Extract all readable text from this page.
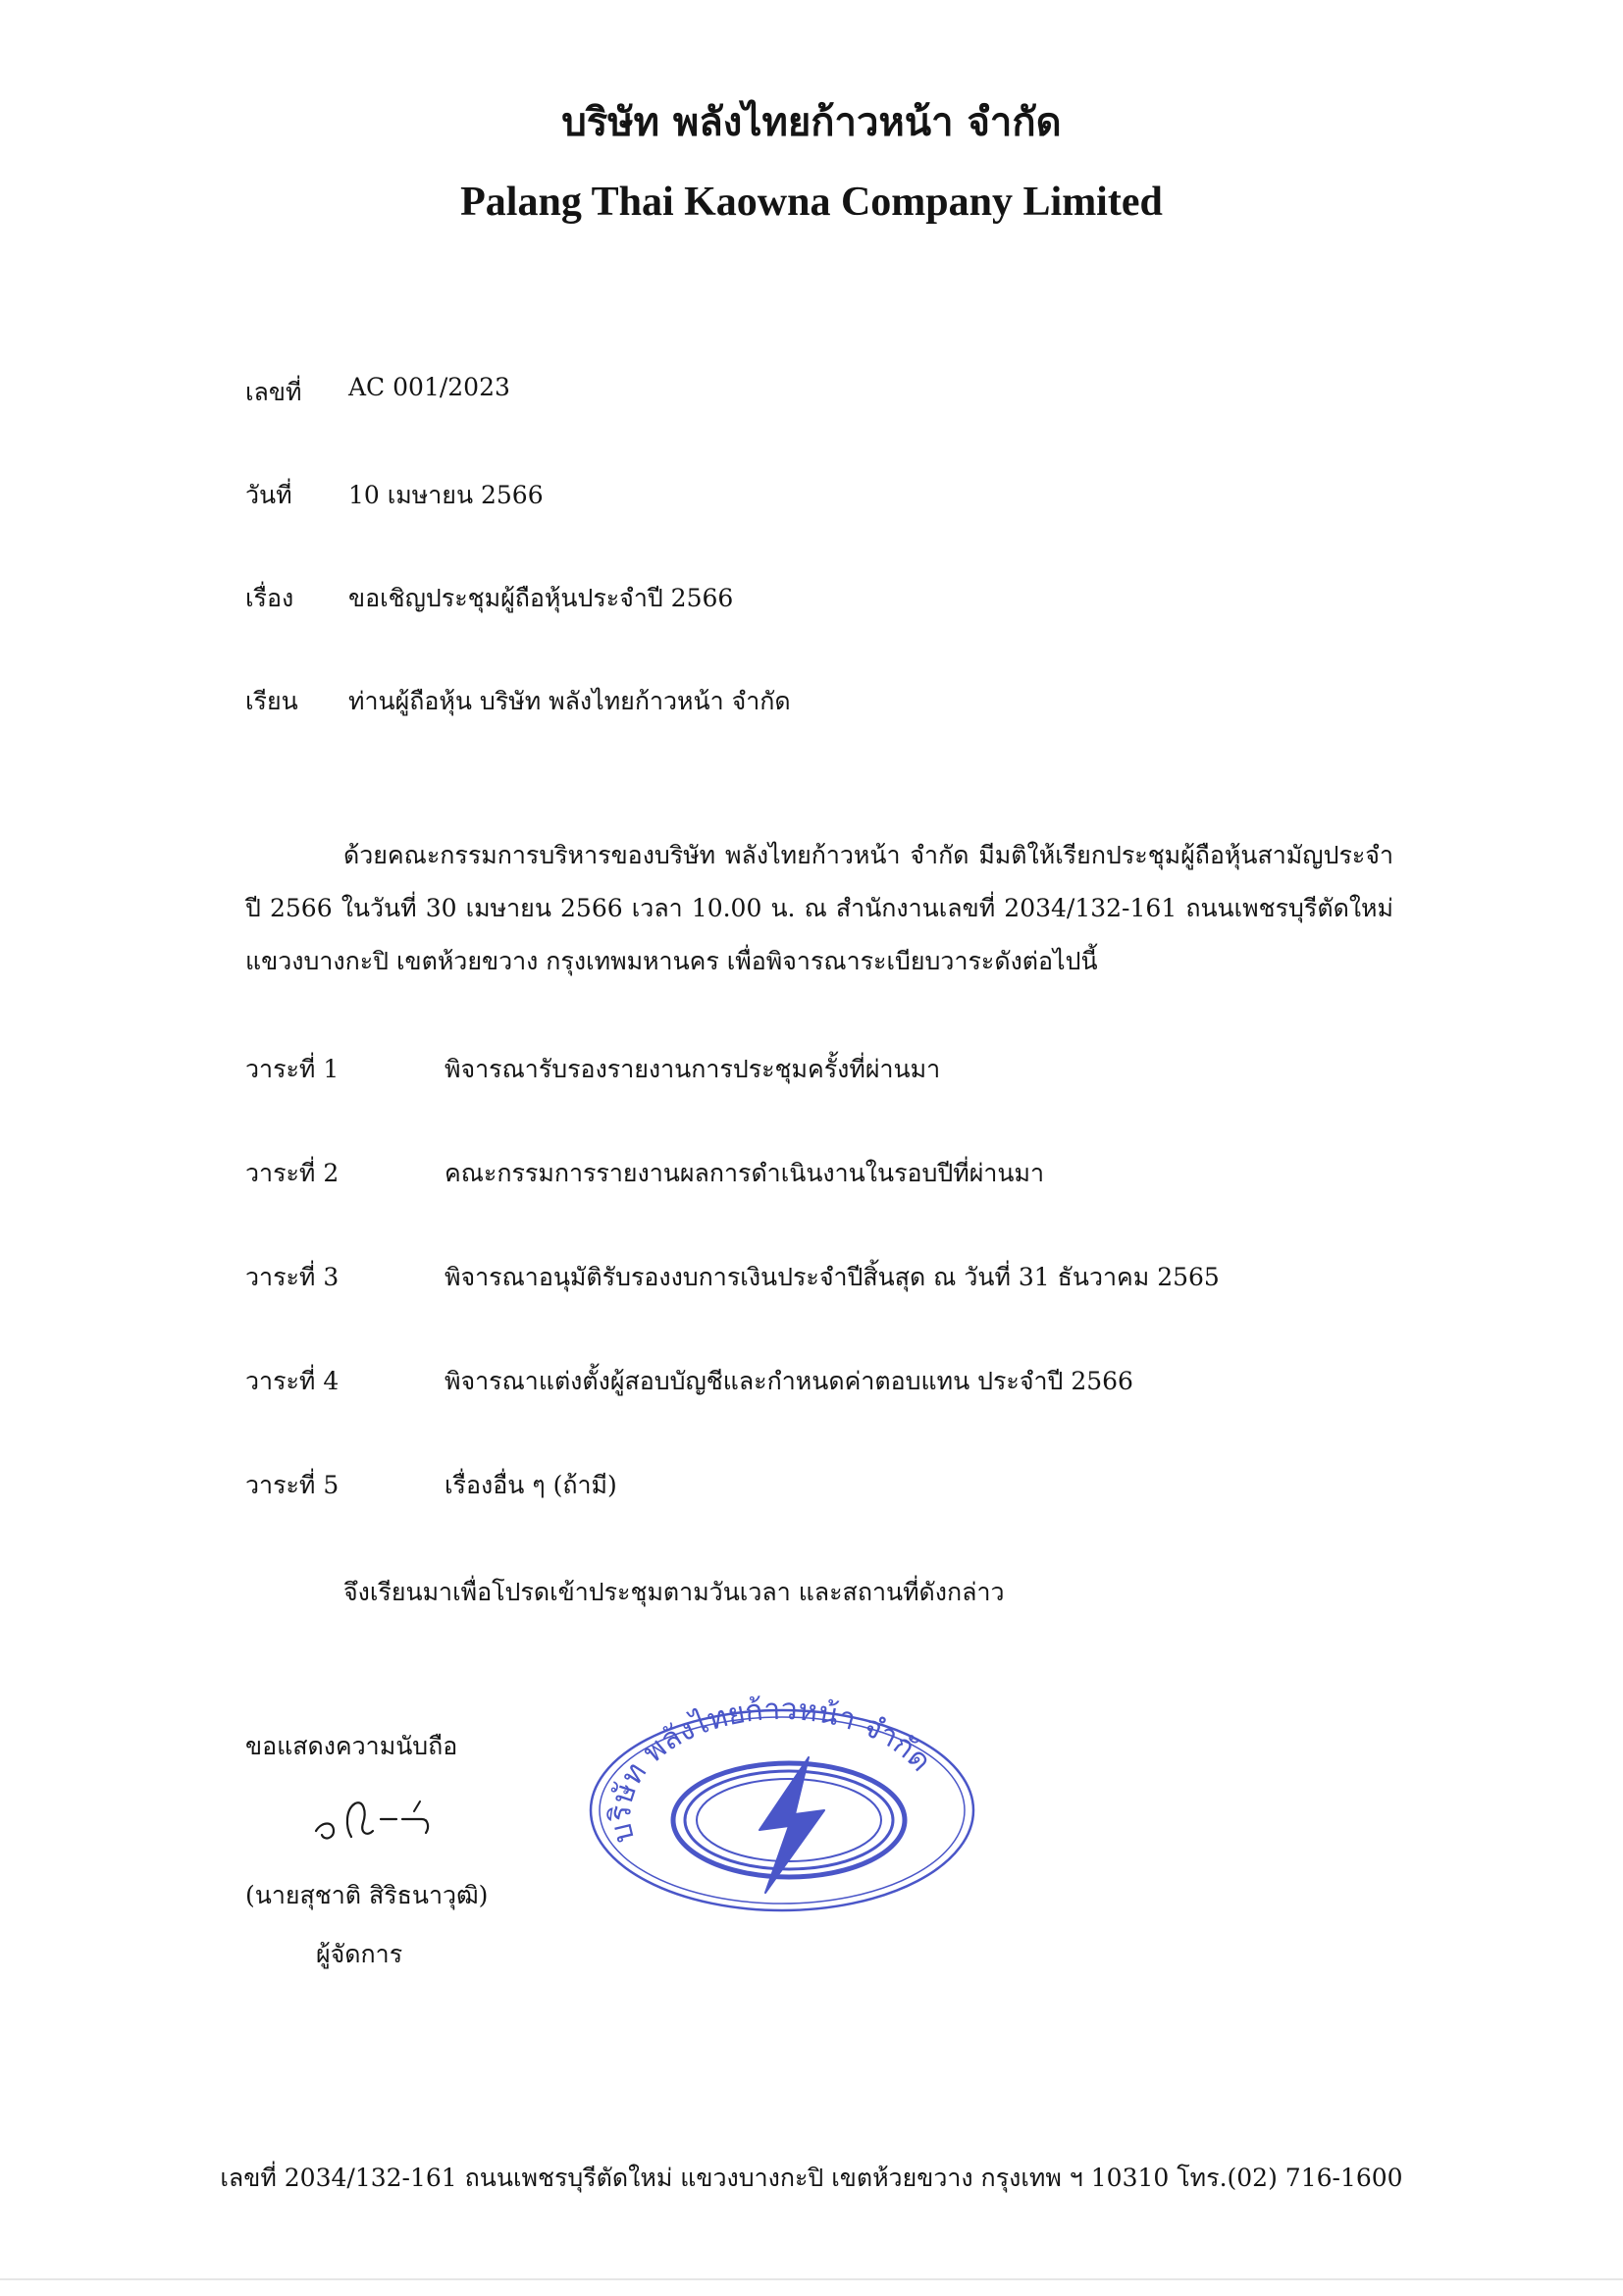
บริษัท พลังไทยก้าวหน้า จำกัด
Palang Thai Kaowna Company Limited
เลขที่ AC 001/2023
วันที่ 10 เมษายน 2566
เรื่อง ขอเชิญประชุมผู้ถือหุ้นประจำปี 2566
เรียน ท่านผู้ถือหุ้น บริษัท พลังไทยก้าวหน้า จำกัด
ด้วยคณะกรรมการบริหารของบริษัท พลังไทยก้าวหน้า จำกัด มีมติให้เรียกประชุมผู้ถือหุ้นสามัญประจำปี 2566 ในวันที่ 30 เมษายน 2566 เวลา 10.00 น. ณ สำนักงานเลขที่ 2034/132-161 ถนนเพชรบุรีตัดใหม่ แขวงบางกะปิ เขตห้วยขวาง กรุงเทพมหานคร เพื่อพิจารณาระเบียบวาระดังต่อไปนี้
วาระที่ 1	พิจารณารับรองรายงานการประชุมครั้งที่ผ่านมา
วาระที่ 2	คณะกรรมการรายงานผลการดำเนินงานในรอบปีที่ผ่านมา
วาระที่ 3	พิจารณาอนุมัติรับรองงบการเงินประจำปีสิ้นสุด ณ วันที่ 31 ธันวาคม 2565
วาระที่ 4	พิจารณาแต่งตั้งผู้สอบบัญชีและกำหนดค่าตอบแทน ประจำปี 2566
วาระที่ 5	เรื่องอื่น ๆ (ถ้ามี)
จึงเรียนมาเพื่อโปรดเข้าประชุมตามวันเวลา และสถานที่ดังกล่าว
ขอแสดงความนับถือ
(นายสุชาติ สิริธนาวุฒิ)
ผู้จัดการ
บริษัท พลังไทยก้าวหน้า จำกัด
เลขที่ 2034/132-161 ถนนเพชรบุรีตัดใหม่ แขวงบางกะปิ เขตห้วยขวาง กรุงเทพ ฯ 10310 โทร.(02) 716-1600
